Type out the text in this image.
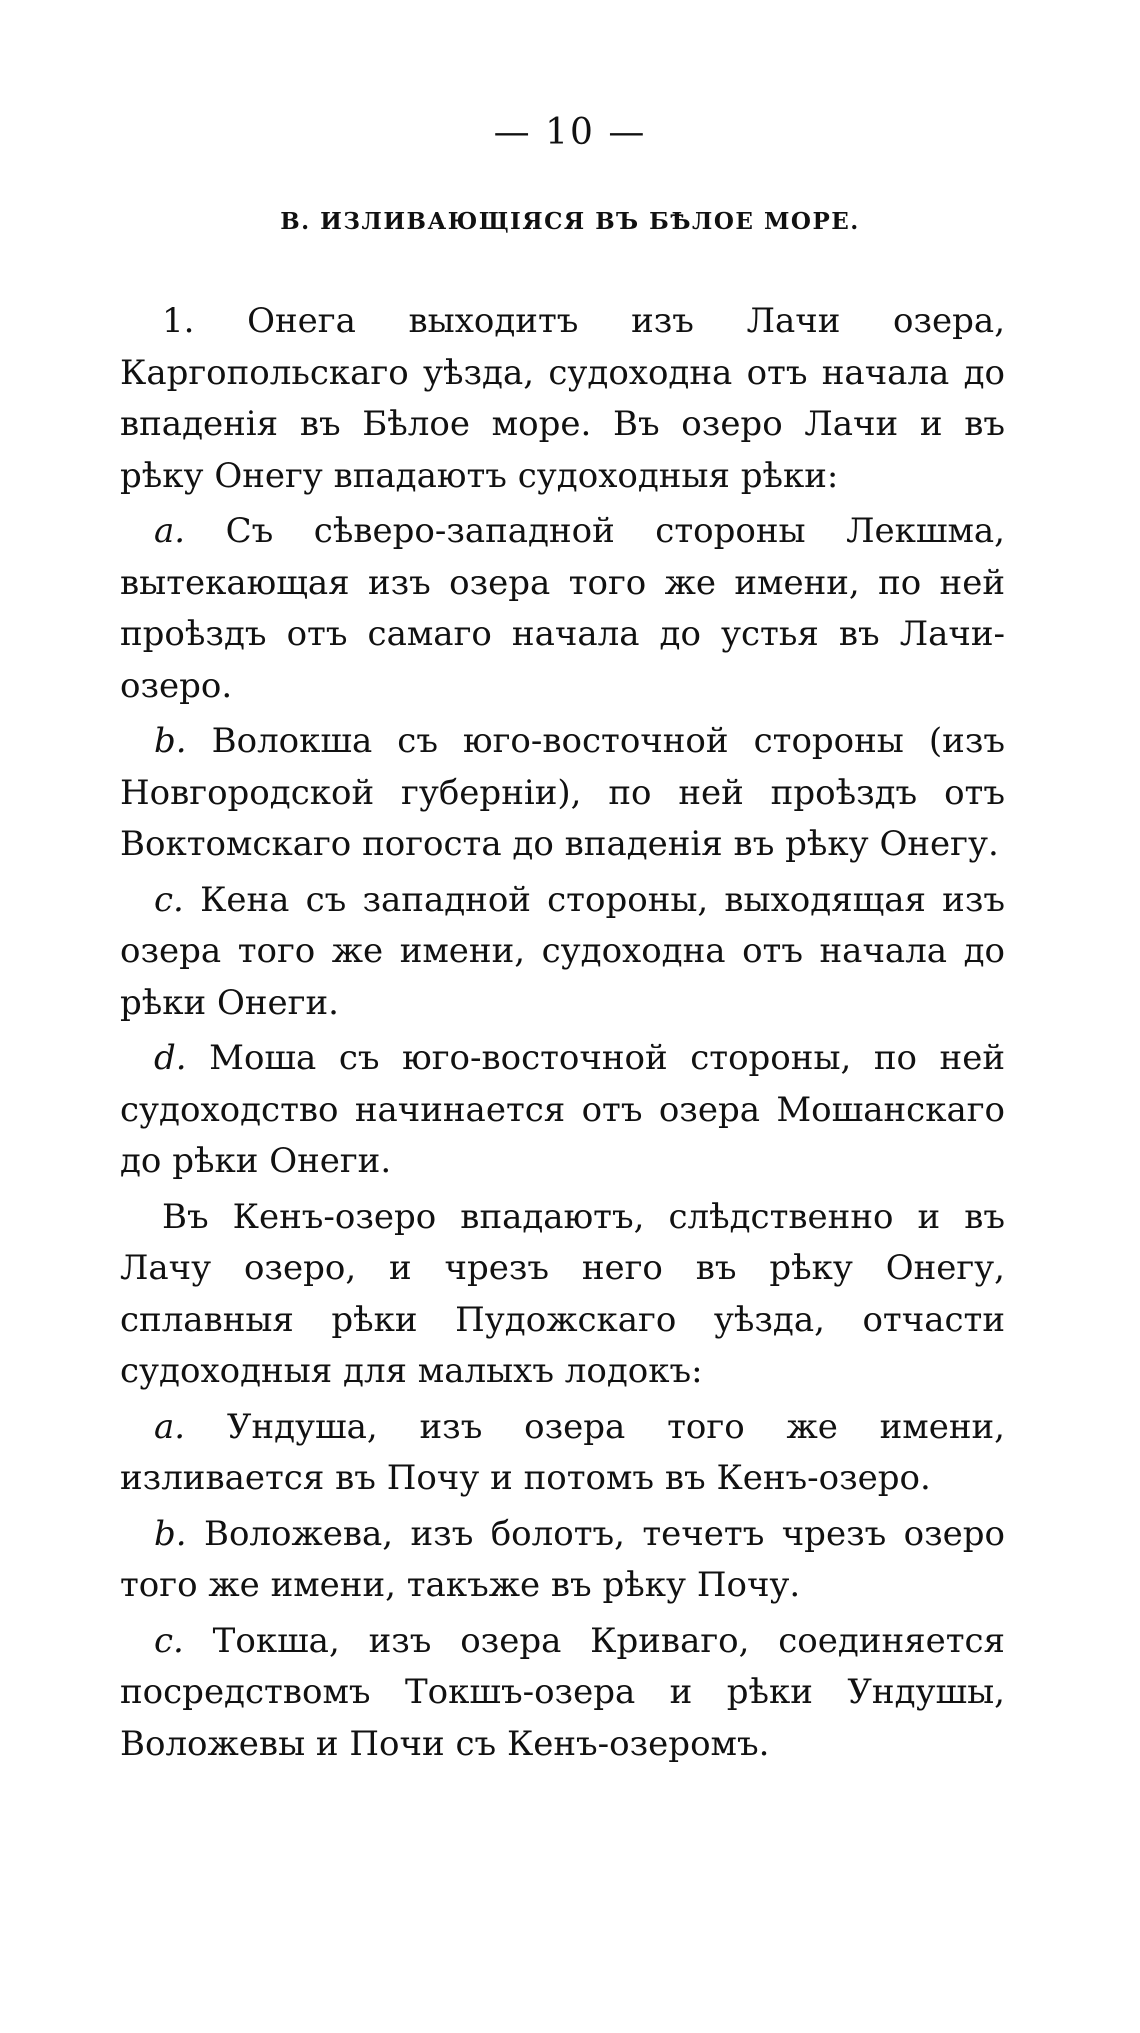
— 10 —
В. ИЗЛИВАЮЩІЯСЯ ВЪ БѢЛОЕ МОРЕ.

1. Онега выходитъ изъ Лачи озера, Каргопольскаго уѣзда, судоходна отъ начала до впаденія въ Бѣлое море. Въ озеро Лачи и въ рѣку Онегу впадаютъ судоходныя рѣки:

a. Съ сѣверо-западной стороны Лекшма, вытекающая изъ озера того же имени, по ней проѣздъ отъ самаго начала до устья въ Лачи-озеро.

b. Волокша съ юго-восточной стороны (изъ Новгородской губерніи), по ней проѣздъ отъ Воктомскаго погоста до впаденія въ рѣку Онегу.

c. Кена съ западной стороны, выходящая изъ озера того же имени, судоходна отъ начала до рѣки Онеги.

d. Моша съ юго-восточной стороны, по ней судоходство начинается отъ озера Мошанскаго до рѣки Онеги.

Въ Кенъ-озеро впадаютъ, слѣдственно и въ Лачу озеро, и чрезъ него въ рѣку Онегу, сплавныя рѣки Пудожскаго уѣзда, отчасти судоходныя для малыхъ лодокъ:

a. Ундуша, изъ озера того же имени, изливается въ Почу и потомъ въ Кенъ-озеро.

b. Воложева, изъ болотъ, течетъ чрезъ озеро того же имени, такъже въ рѣку Почу.

c. Токша, изъ озера Криваго, соединяется посредствомъ Токшъ-озера и рѣки Ундушы, Воложевы и Почи съ Кенъ-озеромъ.
